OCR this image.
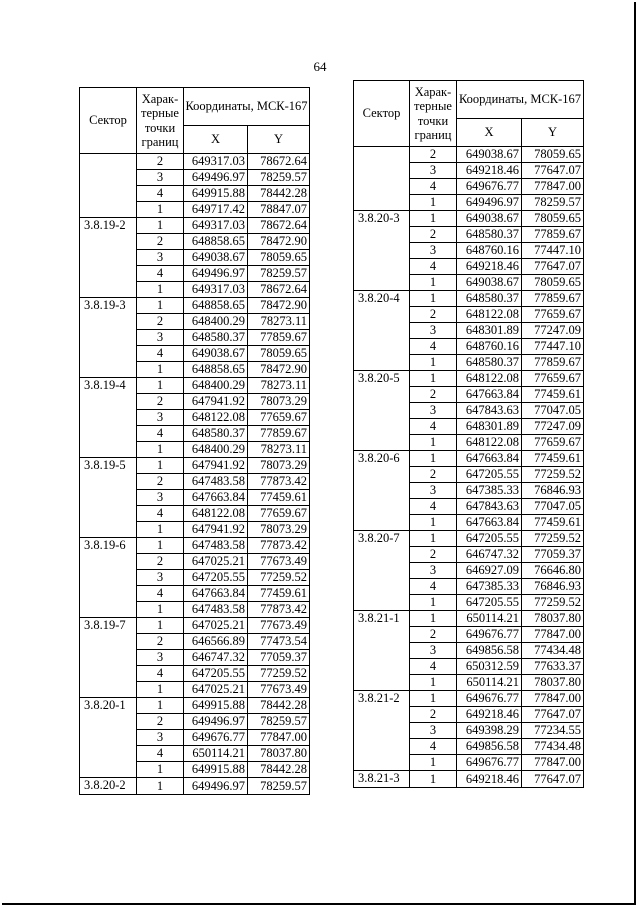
64
Сектор	Харак-терные точки границ	Координаты, МСК-167	
		X	Y
	2	649317.03	78672.64
	3	649496.97	78259.57
	4	649915.88	78442.28
	1	649717.42	78847.07
3.8.19-2	1	649317.03	78672.64
	2	648858.65	78472.90
	3	649038.67	78059.65
	4	649496.97	78259.57
	1	649317.03	78672.64
3.8.19-3	1	648858.65	78472.90
	2	648400.29	78273.11
	3	648580.37	77859.67
	4	649038.67	78059.65
	1	648858.65	78472.90
3.8.19-4	1	648400.29	78273.11
	2	647941.92	78073.29
	3	648122.08	77659.67
	4	648580.37	77859.67
	1	648400.29	78273.11
3.8.19-5	1	647941.92	78073.29
	2	647483.58	77873.42
	3	647663.84	77459.61
	4	648122.08	77659.67
	1	647941.92	78073.29
3.8.19-6	1	647483.58	77873.42
	2	647025.21	77673.49
	3	647205.55	77259.52
	4	647663.84	77459.61
	1	647483.58	77873.42
3.8.19-7	1	647025.21	77673.49
	2	646566.89	77473.54
	3	646747.32	77059.37
	4	647205.55	77259.52
	1	647025.21	77673.49
3.8.20-1	1	649915.88	78442.28
	2	649496.97	78259.57
	3	649676.77	77847.00
	4	650114.21	78037.80
	1	649915.88	78442.28
3.8.20-2	1	649496.97	78259.57
Сектор	Харак-терные точки границ	Координаты, МСК-167	
		X	Y
	2	649038.67	78059.65
	3	649218.46	77647.07
	4	649676.77	77847.00
	1	649496.97	78259.57
3.8.20-3	1	649038.67	78059.65
	2	648580.37	77859.67
	3	648760.16	77447.10
	4	649218.46	77647.07
	1	649038.67	78059.65
3.8.20-4	1	648580.37	77859.67
	2	648122.08	77659.67
	3	648301.89	77247.09
	4	648760.16	77447.10
	1	648580.37	77859.67
3.8.20-5	1	648122.08	77659.67
	2	647663.84	77459.61
	3	647843.63	77047.05
	4	648301.89	77247.09
	1	648122.08	77659.67
3.8.20-6	1	647663.84	77459.61
	2	647205.55	77259.52
	3	647385.33	76846.93
	4	647843.63	77047.05
	1	647663.84	77459.61
3.8.20-7	1	647205.55	77259.52
	2	646747.32	77059.37
	3	646927.09	76646.80
	4	647385.33	76846.93
	1	647205.55	77259.52
3.8.21-1	1	650114.21	78037.80
	2	649676.77	77847.00
	3	649856.58	77434.48
	4	650312.59	77633.37
	1	650114.21	78037.80
3.8.21-2	1	649676.77	77847.00
	2	649218.46	77647.07
	3	649398.29	77234.55
	4	649856.58	77434.48
	1	649676.77	77847.00
3.8.21-3	1	649218.46	77647.07
